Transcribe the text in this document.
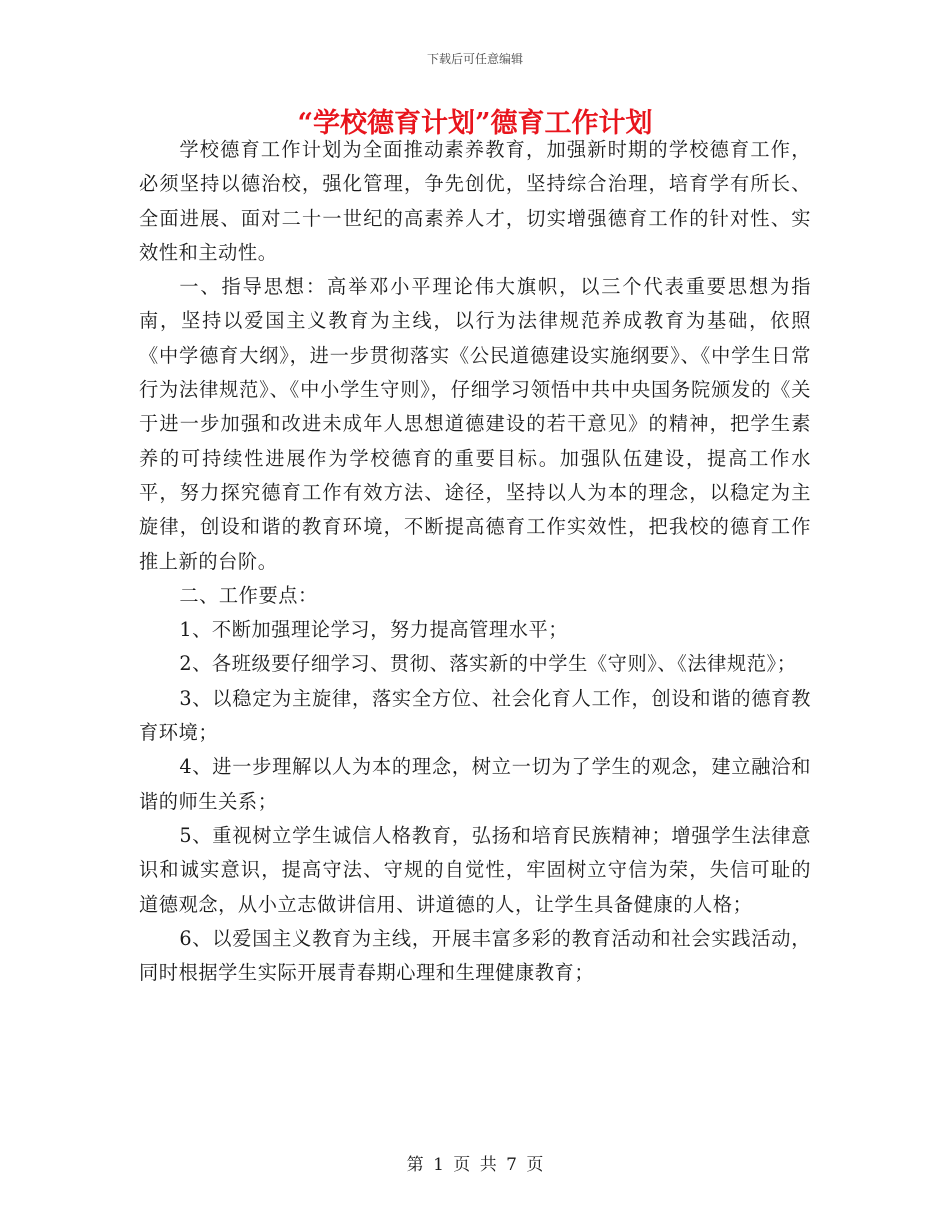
下载后可任意编辑
“学校德育计划”德育工作计划

学校德育工作计划为全面推动素养教育，加强新时期的学校德育工作，必须坚持以德治校，强化管理，争先创优，坚持综合治理，培育学有所长、全面进展、面对二十一世纪的高素养人才，切实增强德育工作的针对性、实效性和主动性。

一、指导思想：高举邓小平理论伟大旗帜，以三个代表重要思想为指南，坚持以爱国主义教育为主线，以行为法律规范养成教育为基础，依照《中学德育大纲》，进一步贯彻落实《公民道德建设实施纲要》、《中学生日常行为法律规范》、《中小学生守则》，仔细学习领悟中共中央国务院颁发的《关于进一步加强和改进未成年人思想道德建设的若干意见》的精神，把学生素养的可持续性进展作为学校德育的重要目标。加强队伍建设，提高工作水平，努力探究德育工作有效方法、途径，坚持以人为本的理念，以稳定为主旋律，创设和谐的教育环境，不断提高德育工作实效性，把我校的德育工作推上新的台阶。

二、工作要点：

1、不断加强理论学习，努力提高管理水平；

2、各班级要仔细学习、贯彻、落实新的中学生《守则》、《法律规范》；

3、以稳定为主旋律，落实全方位、社会化育人工作，创设和谐的德育教育环境；

4、进一步理解以人为本的理念，树立一切为了学生的观念，建立融洽和谐的师生关系；

5、重视树立学生诚信人格教育，弘扬和培育民族精神；增强学生法律意识和诚实意识，提高守法、守规的自觉性，牢固树立守信为荣，失信可耻的道德观念，从小立志做讲信用、讲道德的人，让学生具备健康的人格；

6、以爱国主义教育为主线，开展丰富多彩的教育活动和社会实践活动，同时根据学生实际开展青春期心理和生理健康教育；

第 1 页 共 7 页
